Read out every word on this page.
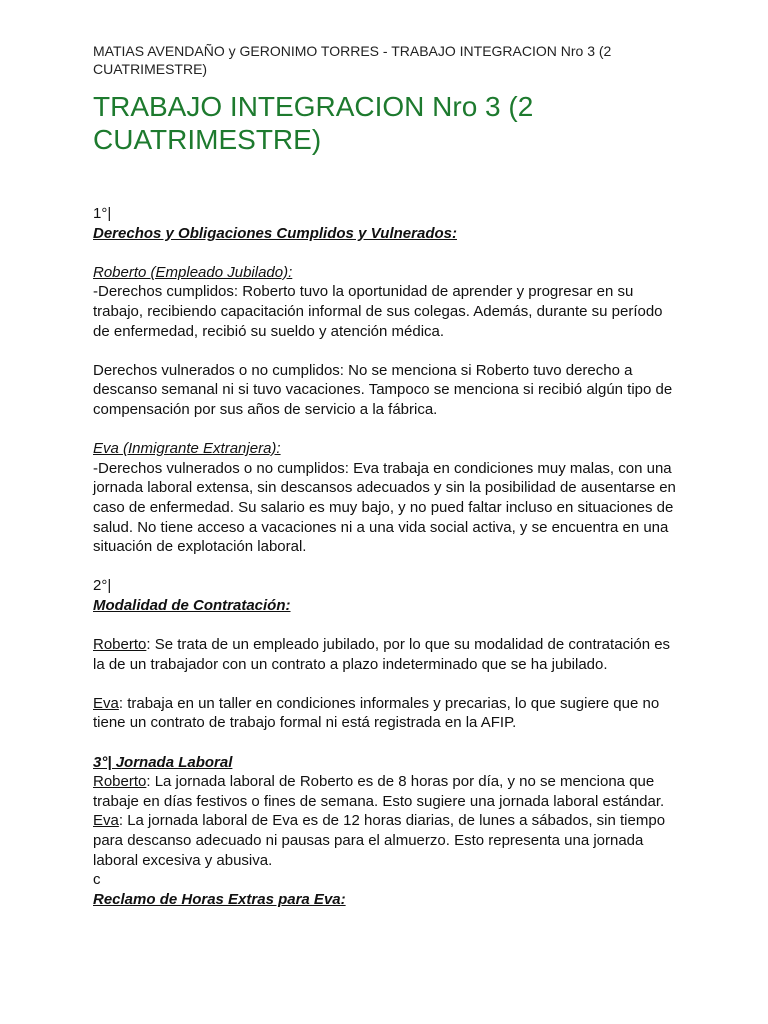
MATIAS AVENDAÑO y GERONIMO TORRES - TRABAJO INTEGRACION Nro 3 (2 CUATRIMESTRE)
TRABAJO INTEGRACION Nro 3 (2 CUATRIMESTRE)

1°|

Derechos y Obligaciones Cumplidos y Vulnerados:

Roberto (Empleado Jubilado):

-Derechos cumplidos: Roberto tuvo la oportunidad de aprender y progresar en su trabajo, recibiendo capacitación informal de sus colegas. Además, durante su período de enfermedad, recibió su sueldo y atención médica.

Derechos vulnerados o no cumplidos: No se menciona si Roberto tuvo derecho a descanso semanal ni si tuvo vacaciones. Tampoco se menciona si recibió algún tipo de compensación por sus años de servicio a la fábrica.

Eva (Inmigrante Extranjera):

-Derechos vulnerados o no cumplidos: Eva trabaja en condiciones muy malas, con una jornada laboral extensa, sin descansos adecuados y sin la posibilidad de ausentarse en caso de enfermedad. Su salario es muy bajo, y no pued faltar incluso en situaciones de salud. No tiene acceso a vacaciones ni a una vida social activa, y se encuentra en una situación de explotación laboral.

2°|

Modalidad de Contratación:

Roberto: Se trata de un empleado jubilado, por lo que su modalidad de contratación es la de un trabajador con un contrato a plazo indeterminado que se ha jubilado.

Eva: trabaja en un taller en condiciones informales y precarias, lo que sugiere que no tiene un contrato de trabajo formal ni está registrada en la AFIP.

3°| Jornada Laboral

Roberto: La jornada laboral de Roberto es de 8 horas por día, y no se menciona que trabaje en días festivos o fines de semana. Esto sugiere una jornada laboral estándar.

Eva: La jornada laboral de Eva es de 12 horas diarias, de lunes a sábados, sin tiempo para descanso adecuado ni pausas para el almuerzo. Esto representa una jornada laboral excesiva y abusiva.

c

Reclamo de Horas Extras para Eva:
